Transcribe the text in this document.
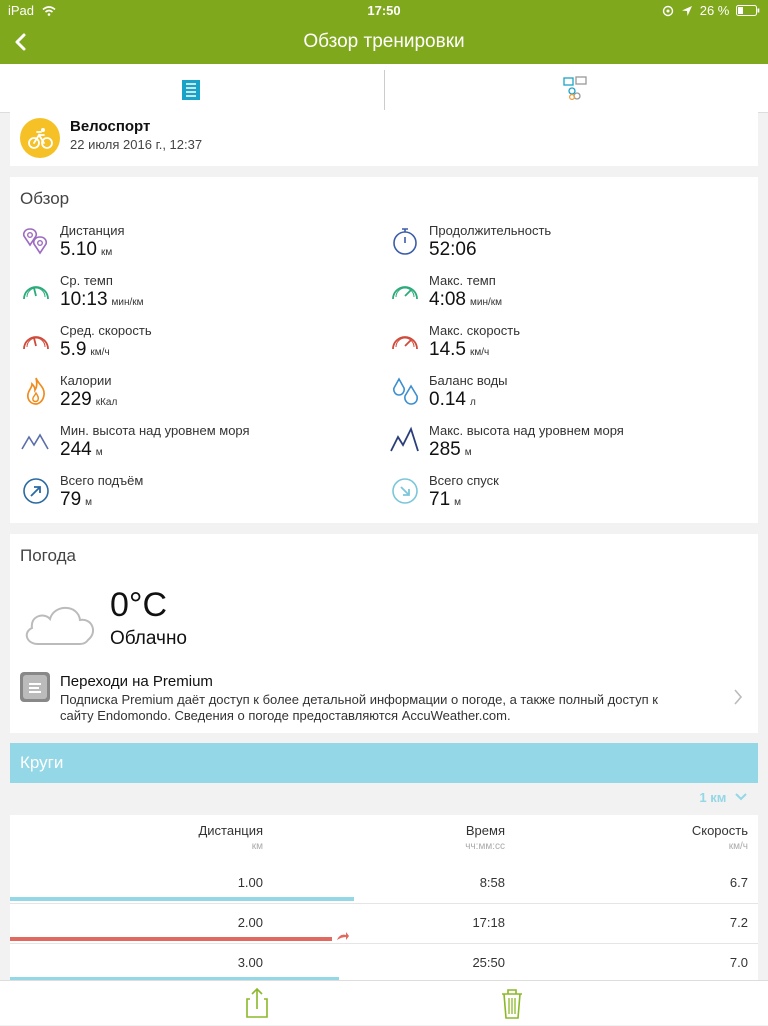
iPad	17:50	26 %
Обзор тренировки
Велоспорт
22 июля 2016 г., 12:37
Обзор
Дистанция
5.10 км
Продолжительность
52:06
Ср. темп
10:13 мин/км
Макс. темп
4:08 мин/км
Сред. скорость
5.9 км/ч
Макс. скорость
14.5 км/ч
Калории
229 кКал
Баланс воды
0.14 л
Мин. высота над уровнем моря
244 м
Макс. высота над уровнем моря
285 м
Всего подъём
79 м
Всего спуск
71 м
Погода
0°C
Облачно
Переходи на Premium
Подписка Premium даёт доступ к более детальной информации о погоде, а также полный доступ к
сайту Endomondo. Сведения о погоде предоставляются AccuWeather.com.
Круги
1 км
Дистанция
км
Время
чч:мм:сс
Скорость
км/ч
1.00	8:58	6.7
2.00	17:18	7.2
3.00	25:50	7.0
